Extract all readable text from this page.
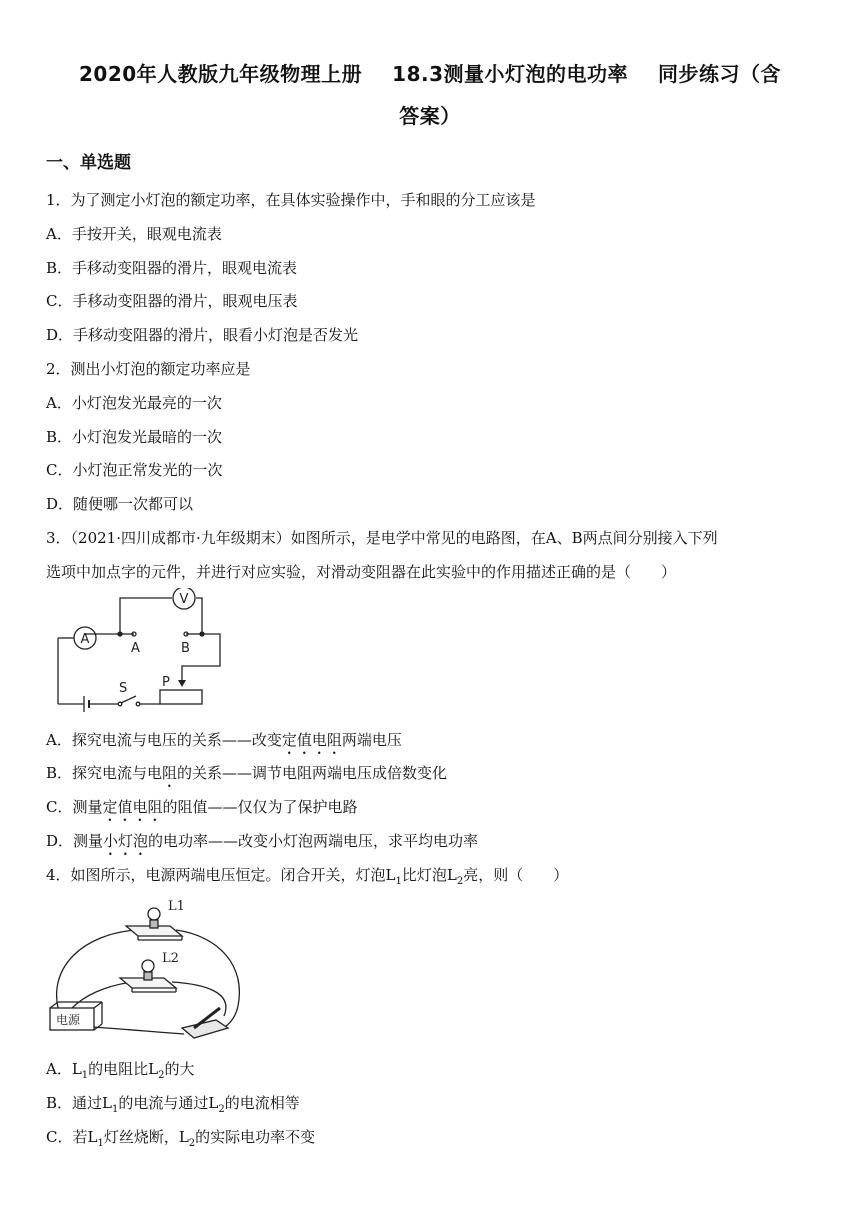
2020年人教版九年级物理上册 18.3测量小灯泡的电功率 同步练习（含
答案）
一、单选题
1．为了测定小灯泡的额定功率，在具体实验操作中，手和眼的分工应该是
A．手按开关，眼观电流表
B．手移动变阻器的滑片，眼观电流表
C．手移动变阻器的滑片，眼观电压表
D．手移动变阻器的滑片，眼看小灯泡是否发光
2．测出小灯泡的额定功率应是
A．小灯泡发光最亮的一次
B．小灯泡发光最暗的一次
C．小灯泡正常发光的一次
D．随便哪一次都可以
3．（2021·四川成都市·九年级期末）如图所示，是电学中常见的电路图，在A、B两点间分别接入下列
选项中加点字的元件，并进行对应实验，对滑动变阻器在此实验中的作用描述正确的是（　　）
V
A
A	B
S	P
A．探究电流与电压的关系——改变定值电阻两端电压
B．探究电流与电阻的关系——调节电阻两端电压成倍数变化
C．测量定值电阻的阻值——仅仅为了保护电路
D．测量小灯泡的电功率——改变小灯泡两端电压，求平均电功率
4．如图所示，电源两端电压恒定。闭合开关，灯泡$L_1$比灯泡$L_2$亮，则（　　）
L1
L2
电源
A．$L_1$的电阻比$L_2$的大
B．通过$L_1$的电流与通过$L_2$的电流相等
C．若$L_1$灯丝烧断，$L_2$的实际电功率不变
